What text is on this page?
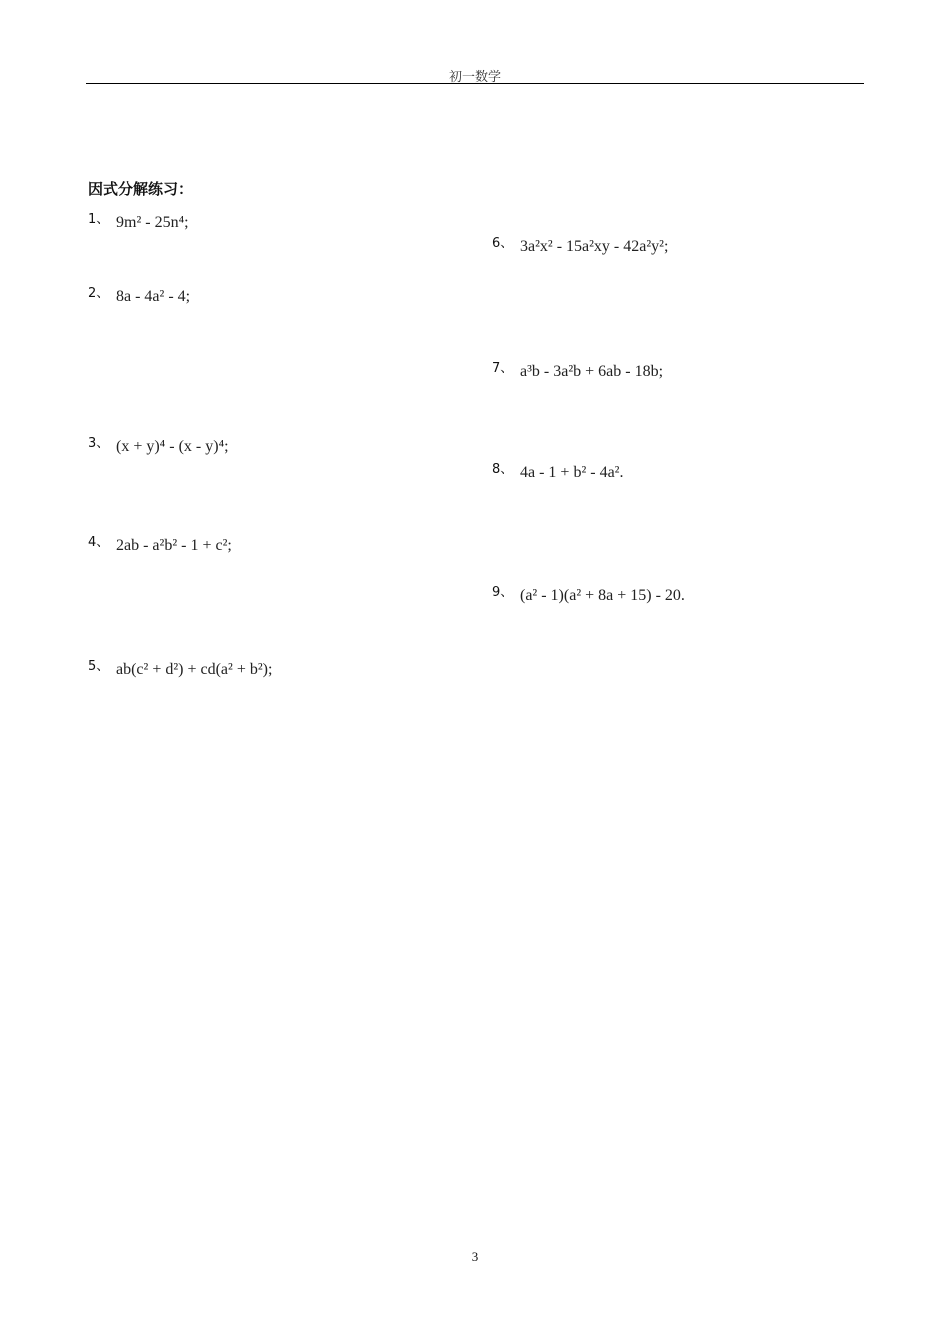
初一数学
因式分解练习：
1、 9m² - 25n⁴;
2、 8a - 4a² - 4;
3、 (x + y)⁴ - (x - y)⁴;
4、 2ab - a²b² - 1 + c²;
5、 ab(c² + d²) + cd(a² + b²);
6、 3a²x² - 15a²xy - 42a²y²;
7、 a³b - 3a²b + 6ab - 18b;
8、 4a - 1 + b² - 4a².
9、 (a² - 1)(a² + 8a + 15) - 20.
3
